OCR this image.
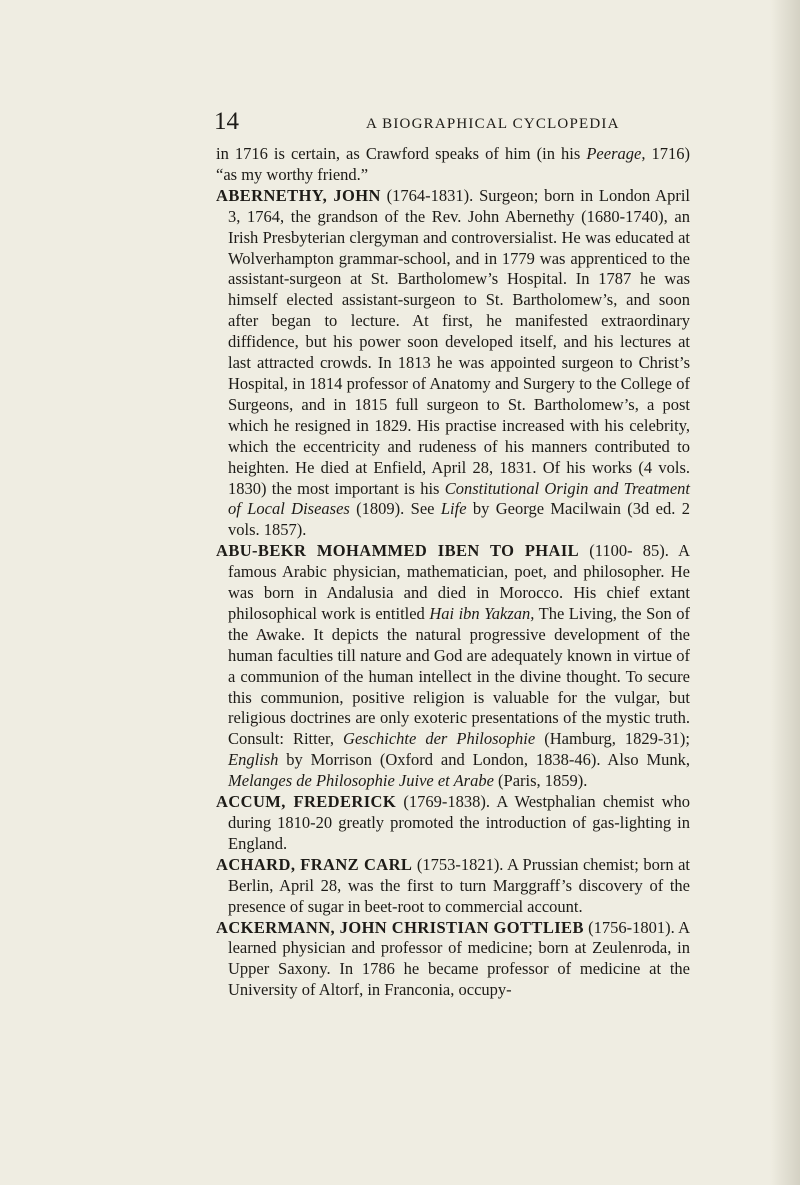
14	A BIOGRAPHICAL CYCLOPEDIA

in 1716 is certain, as Crawford speaks of him (in his Peerage, 1716) “as my worthy friend.”

ABERNETHY, JOHN (1764-1831). Surgeon; born in London April 3, 1764, the grandson of the Rev. John Abernethy (1680-1740), an Irish Presbyterian clergyman and controversialist. He was educated at Wolverhampton grammar-school, and in 1779 was apprenticed to the assistant-surgeon at St. Bartholomew’s Hospital. In 1787 he was himself elected assistant-surgeon to St. Bartholomew’s, and soon after began to lecture. At first, he manifested extraordinary diffidence, but his power soon developed itself, and his lectures at last attracted crowds. In 1813 he was appointed surgeon to Christ’s Hospital, in 1814 professor of Anatomy and Surgery to the College of Surgeons, and in 1815 full surgeon to St. Bartholomew’s, a post which he resigned in 1829. His practise increased with his celebrity, which the eccentricity and rudeness of his manners contributed to heighten. He died at Enfield, April 28, 1831. Of his works (4 vols. 1830) the most important is his Constitutional Origin and Treatment of Local Diseases (1809). See Life by George Macilwain (3d ed. 2 vols. 1857).

ABU-BEKR MOHAMMED IBEN TO PHAIL (1100- 85). A famous Arabic physician, mathematician, poet, and philosopher. He was born in Andalusia and died in Morocco. His chief extant philosophical work is entitled Hai ibn Yakzan, The Living, the Son of the Awake. It depicts the natural progressive development of the human faculties till nature and God are adequately known in virtue of a communion of the human intellect in the divine thought. To secure this communion, positive religion is valuable for the vulgar, but religious doctrines are only exoteric presentations of the mystic truth. Consult: Ritter, Geschichte der Philosophie (Hamburg, 1829-31); English by Morrison (Oxford and London, 1838-46). Also Munk, Melanges de Philosophie Juive et Arabe (Paris, 1859).

ACCUM, FREDERICK (1769-1838). A Westphalian chemist who during 1810-20 greatly promoted the introduction of gas-lighting in England.

ACHARD, FRANZ CARL (1753-1821). A Prussian chemist; born at Berlin, April 28, was the first to turn Marggraff’s discovery of the presence of sugar in beet-root to commercial account.

ACKERMANN, JOHN CHRISTIAN GOTTLIEB (1756-1801). A learned physician and professor of medicine; born at Zeulenroda, in Upper Saxony. In 1786 he became professor of medicine at the University of Altorf, in Franconia, occupy-
